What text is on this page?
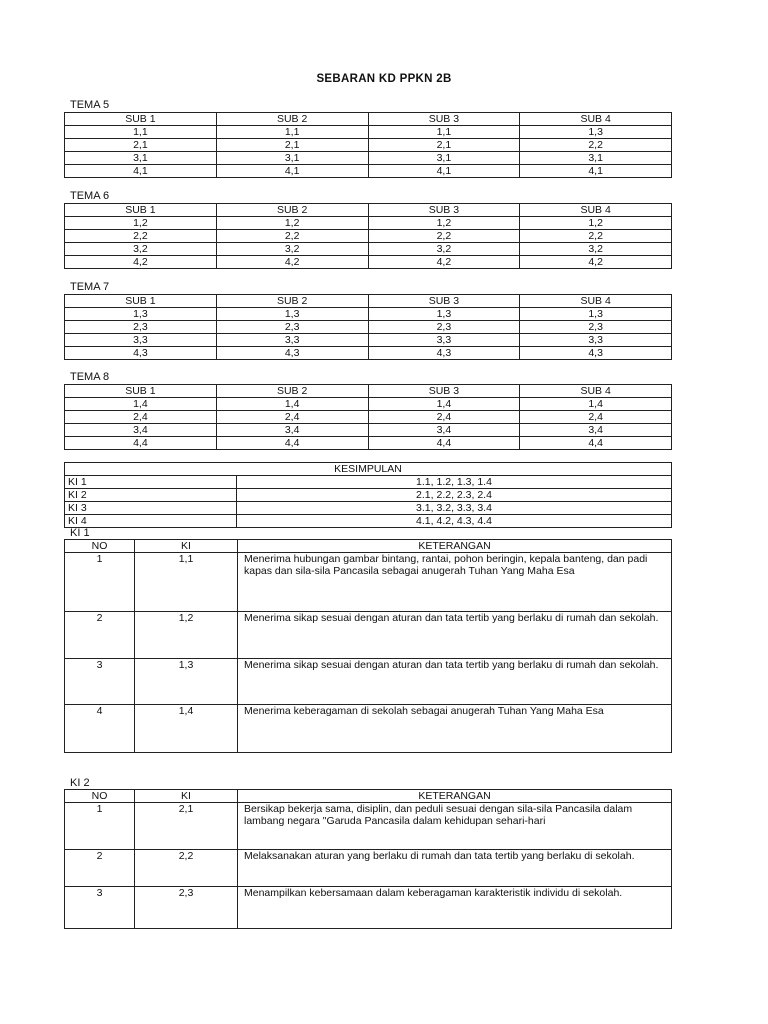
SEBARAN KD PPKN 2B
TEMA 5
SUB 1	SUB 2	SUB 3	SUB 4
1,1	1,1	1,1	1,3
2,1	2,1	2,1	2,2
3,1	3,1	3,1	3,1
4,1	4,1	4,1	4,1
TEMA 6
SUB 1	SUB 2	SUB 3	SUB 4
1,2	1,2	1,2	1,2
2,2	2,2	2,2	2,2
3,2	3,2	3,2	3,2
4,2	4,2	4,2	4,2
TEMA 7
SUB 1	SUB 2	SUB 3	SUB 4
1,3	1,3	1,3	1,3
2,3	2,3	2,3	2,3
3,3	3,3	3,3	3,3
4,3	4,3	4,3	4,3
TEMA 8
SUB 1	SUB 2	SUB 3	SUB 4
1,4	1,4	1,4	1,4
2,4	2,4	2,4	2,4
3,4	3,4	3,4	3,4
4,4	4,4	4,4	4,4
KESIMPULAN	
KI 1	1.1, 1.2, 1.3, 1.4
KI 2	2.1, 2.2, 2.3, 2.4
KI 3	3.1, 3.2, 3.3, 3.4
KI 4	4.1, 4.2, 4.3, 4.4
KI 1
NO	KI	KETERANGAN
1	1,1	Menerima hubungan gambar bintang, rantai, pohon beringin, kepala banteng, dan padi kapas dan sila-sila Pancasila sebagai anugerah Tuhan Yang Maha Esa
2	1,2	Menerima sikap sesuai dengan aturan dan tata tertib yang berlaku di rumah dan sekolah.
3	1,3	Menerima sikap sesuai dengan aturan dan tata tertib yang berlaku di rumah dan sekolah.
4	1,4	Menerima keberagaman di sekolah sebagai anugerah Tuhan Yang Maha Esa
KI 2
NO	KI	KETERANGAN
1	2,1	Bersikap bekerja sama, disiplin, dan peduli sesuai dengan sila-sila Pancasila dalam lambang negara "Garuda Pancasila dalam kehidupan sehari-hari
2	2,2	Melaksanakan aturan yang berlaku di rumah dan tata tertib yang berlaku di sekolah.
3	2,3	Menampilkan kebersamaan dalam keberagaman karakteristik individu di sekolah.
